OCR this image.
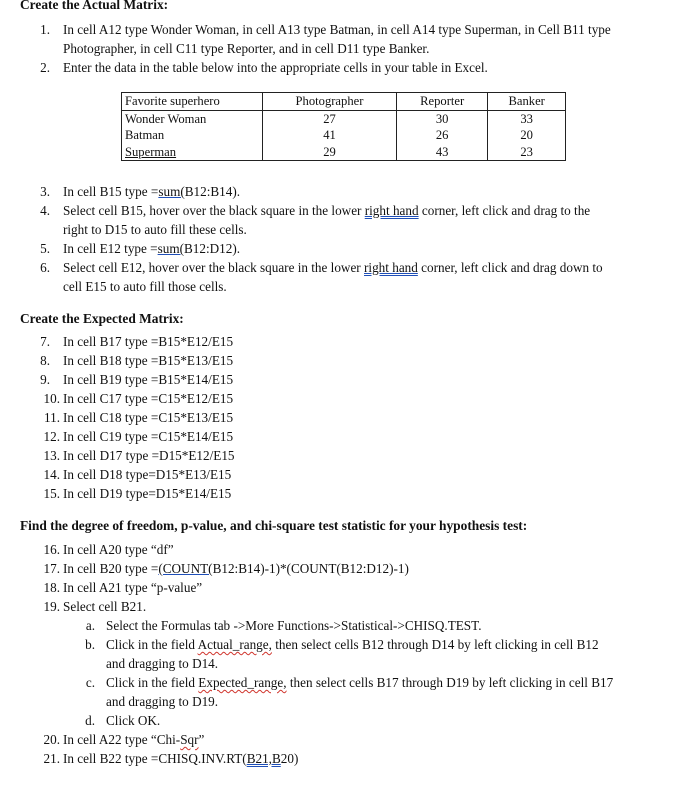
Create the Actual Matrix:
1. In cell A12 type Wonder Woman, in cell A13 type Batman, in cell A14 type Superman, in Cell B11 type
Photographer, in cell C11 type Reporter, and in cell D11 type Banker.
2. Enter the data in the table below into the appropriate cells in your table in Excel.
Favorite superhero	Photographer	Reporter	Banker
Wonder Woman	27	30	33
Batman	41	26	20
Superman	29	43	23
3. In cell B15 type =sum(B12:B14).
4. Select cell B15, hover over the black square in the lower right hand corner, left click and drag to the
right to D15 to auto fill these cells.
5. In cell E12 type =sum(B12:D12).
6. Select cell E12, hover over the black square in the lower right hand corner, left click and drag down to
cell E15 to auto fill those cells.
Create the Expected Matrix:
7. In cell B17 type =B15*E12/E15
8. In cell B18 type =B15*E13/E15
9. In cell B19 type =B15*E14/E15
10. In cell C17 type =C15*E12/E15
11. In cell C18 type =C15*E13/E15
12. In cell C19 type =C15*E14/E15
13. In cell D17 type =D15*E12/E15
14. In cell D18 type=D15*E13/E15
15. In cell D19 type=D15*E14/E15
Find the degree of freedom, p-value, and chi-square test statistic for your hypothesis test:
16. In cell A20 type “df”
17. In cell B20 type =(COUNT(B12:B14)-1)*(COUNT(B12:D12)-1)
18. In cell A21 type “p-value”
19. Select cell B21.
a. Select the Formulas tab ->More Functions->Statistical->CHISQ.TEST.
b. Click in the field Actual_range, then select cells B12 through D14 by left clicking in cell B12
and dragging to D14.
c. Click in the field Expected_range, then select cells B17 through D19 by left clicking in cell B17
and dragging to D19.
d. Click OK.
20. In cell A22 type “Chi-Sqr”
21. In cell B22 type =CHISQ.INV.RT(B21,B20)
